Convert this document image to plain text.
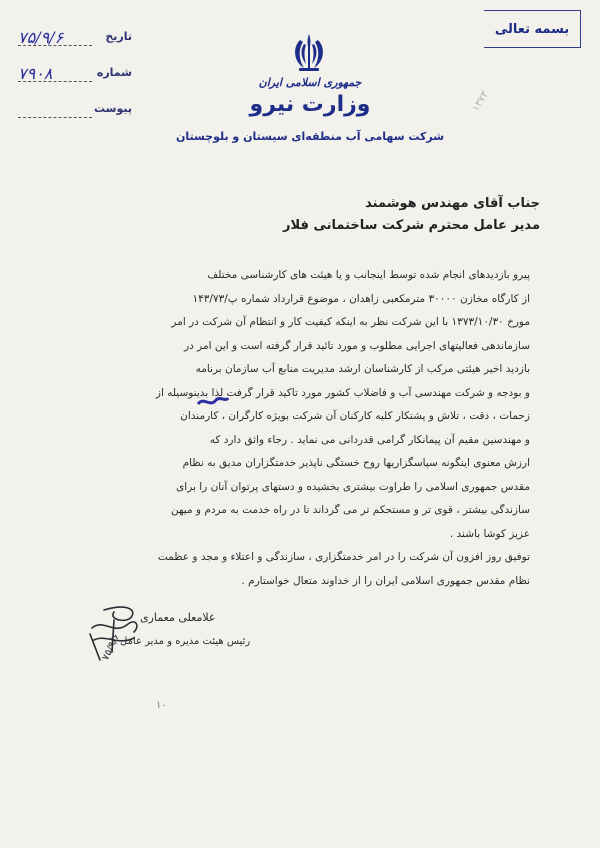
بسمه تعالی
تاریخ
۷۵/۹/۶
شماره
۷۹۰۸
پیوست
جمهوری اسلامی ایران
وزارت نیرو
شرکت سهامی آب منطقه‌ای سیستان و بلوچستان
۱۳۷۳
جناب آقای مهندس هوشمند
مدیر عامل محترم شرکت ساختمانی فلار

پیرو بازدیدهای انجام شده توسط اینجانب و یا هیئت های کارشناسی مختلف

از کارگاه مخازن ۳۰۰۰۰ مترمکعبی زاهدان ، موضوع قرارداد شماره پ/۱۴۳/۷۳

مورخ ۱۳۷۳/۱۰/۳۰ با این شرکت نظر به اینکه کیفیت کار و انتظام آن شرکت در امر

سازماندهی فعالیتهای اجرایی مطلوب و مورد تائید قرار گرفته است و این امر در

بازدید اخیر هیئتی مرکب از کارشناسان ارشد مدیریت منابع آب سازمان برنامه

و بودجه و شرکت مهندسی آب و فاضلاب کشور مورد تاکید قرار گرفت لذا بدینوسیله از

زحمات ، دقت ، تلاش و پشتکار کلیه کارکنان آن شرکت بویژه کارگران ، کارمندان

و مهندسین مقیم آن پیمانکار گرامی قدردانی می نماید . رجاء واثق دارد که

ارزش معنوی اینگونه سپاسگزاریها روح خستگی ناپذیر خدمتگزاران مدیق به نظام

مقدس جمهوری اسلامی را طراوت بیشتری بخشیده و دستهای پرتوان آنان را برای

سازندگی بیشتر ، قوی تر و مستحکم تر می گرداند تا در راه خدمت به مردم و میهن

عزیز کوشا باشند .

توفیق روز افزون آن شرکت را در امر خدمتگزاری ، سازندگی و اعتلاء و مجد و عظمت

نظام مقدس جمهوری اسلامی ایران را از خداوند متعال خواستارم .

غلامعلی معماری
رئیس هیئت مدیره و مدیر عامل
۷۵/۹/۶
۱۰
